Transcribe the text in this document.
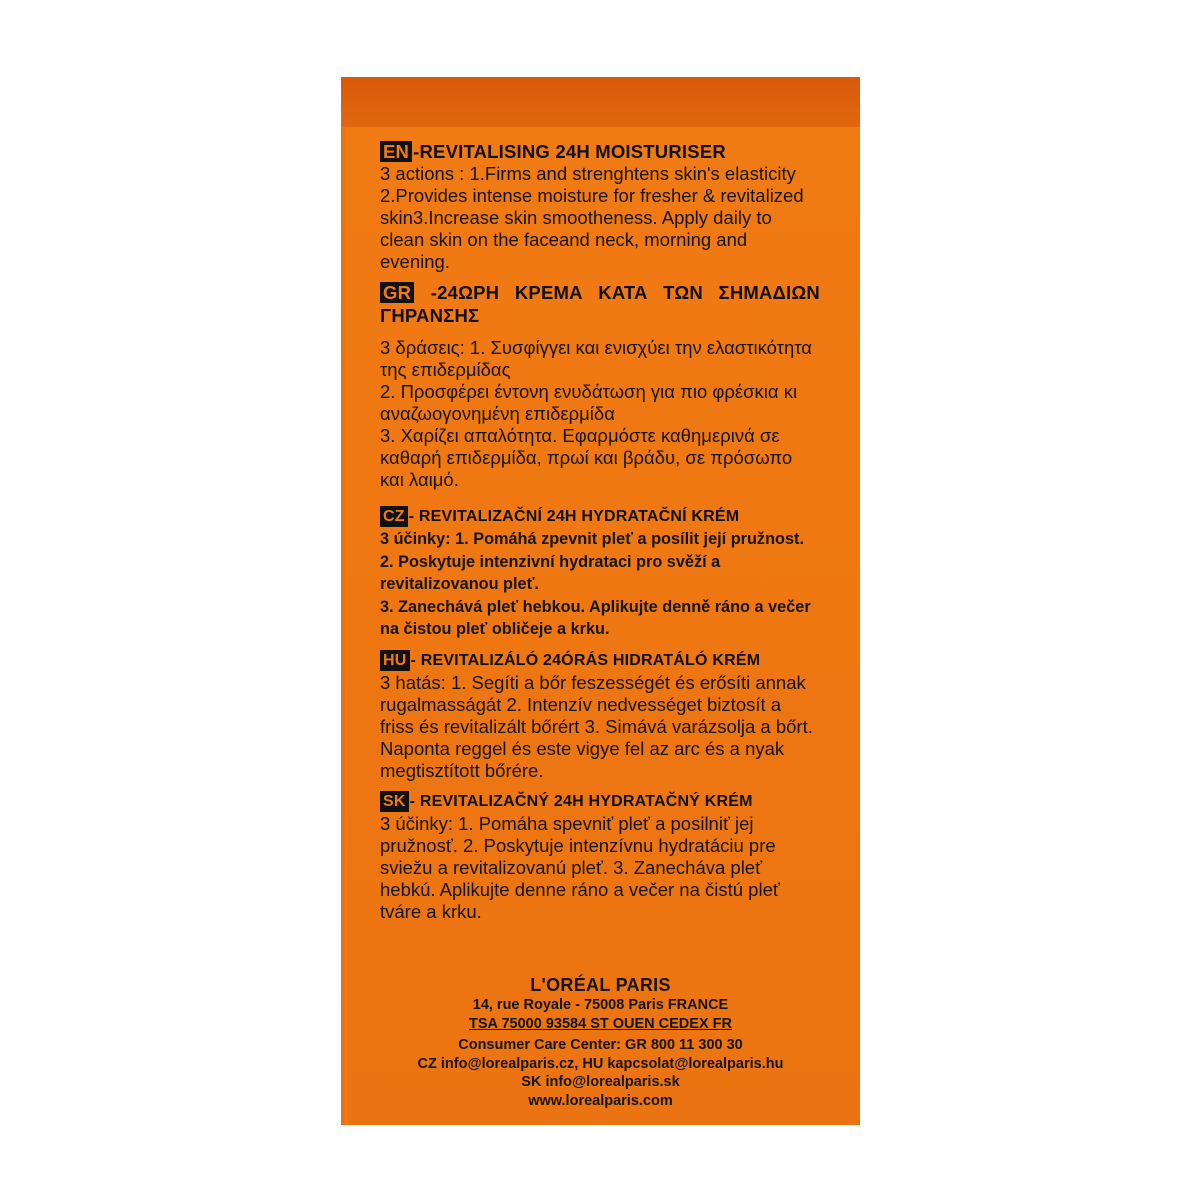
EN -REVITALISING 24H MOISTURISER
3 actions : 1.Firms and strenghtens skin's elasticity 2.Provides intense moisture for fresher & revitalized skin3.Increase skin smootheness. Apply daily to clean skin on the faceand neck, morning and evening.
GR -24ΩΡΗ ΚΡΕΜΑ ΚΑΤΑ ΤΩΝ ΣΗΜΑΔΙΩΝ ΓΗΡΑΝΣΗΣ
3 δράσεις: 1. Συσφίγγει και ενισχύει την ελαστικότητα της επιδερμίδας
2. Προσφέρει έντονη ενυδάτωση για πιο φρέσκια κι αναζωογονημένη επιδερμίδα
3. Χαρίζει απαλότητα. Εφαρμόστε καθημερινά σε καθαρή επιδερμίδα, πρωί και βράδυ, σε πρόσωπο και λαιμό.
CZ - REVITALIZAČNÍ 24H HYDRATAČNÍ KRÉM
3 účinky: 1. Pomáhá zpevnit pleť a posílit její pružnost. 2. Poskytuje intenzivní hydrataci pro svěží a revitalizovanou pleť.
3. Zanechává pleť hebkou. Aplikujte denně ráno a večer na čistou pleť obličeje a krku.
HU - REVITALIZÁLÓ 24ÓRÁS HIDRATÁLÓ KRÉM
3 hatás: 1. Segíti a bőr feszességét és erősíti annak rugalmasságát 2. Intenzív nedvességet biztosít a friss és revitalizált bőrért 3. Simává varázsolja a bőrt. Naponta reggel és este vigye fel az arc és a nyak megtisztított bőrére.
SK - REVITALIZAČNÝ 24H HYDRATAČNÝ KRÉM
3 účinky: 1. Pomáha spevniť pleť a posilniť jej pružnosť. 2. Poskytuje intenzívnu hydratáciu pre sviežu a revitalizovanú pleť. 3. Zanecháva pleť hebkú. Aplikujte denne ráno a večer na čistú pleť tváre a krku.
L'ORÉAL PARIS
14, rue Royale - 75008 Paris FRANCE
TSA 75000 93584 ST OUEN CEDEX FR
Consumer Care Center: GR 800 11 300 30
CZ info@lorealparis.cz, HU kapcsolat@lorealparis.hu
SK info@lorealparis.sk
www.lorealparis.com
